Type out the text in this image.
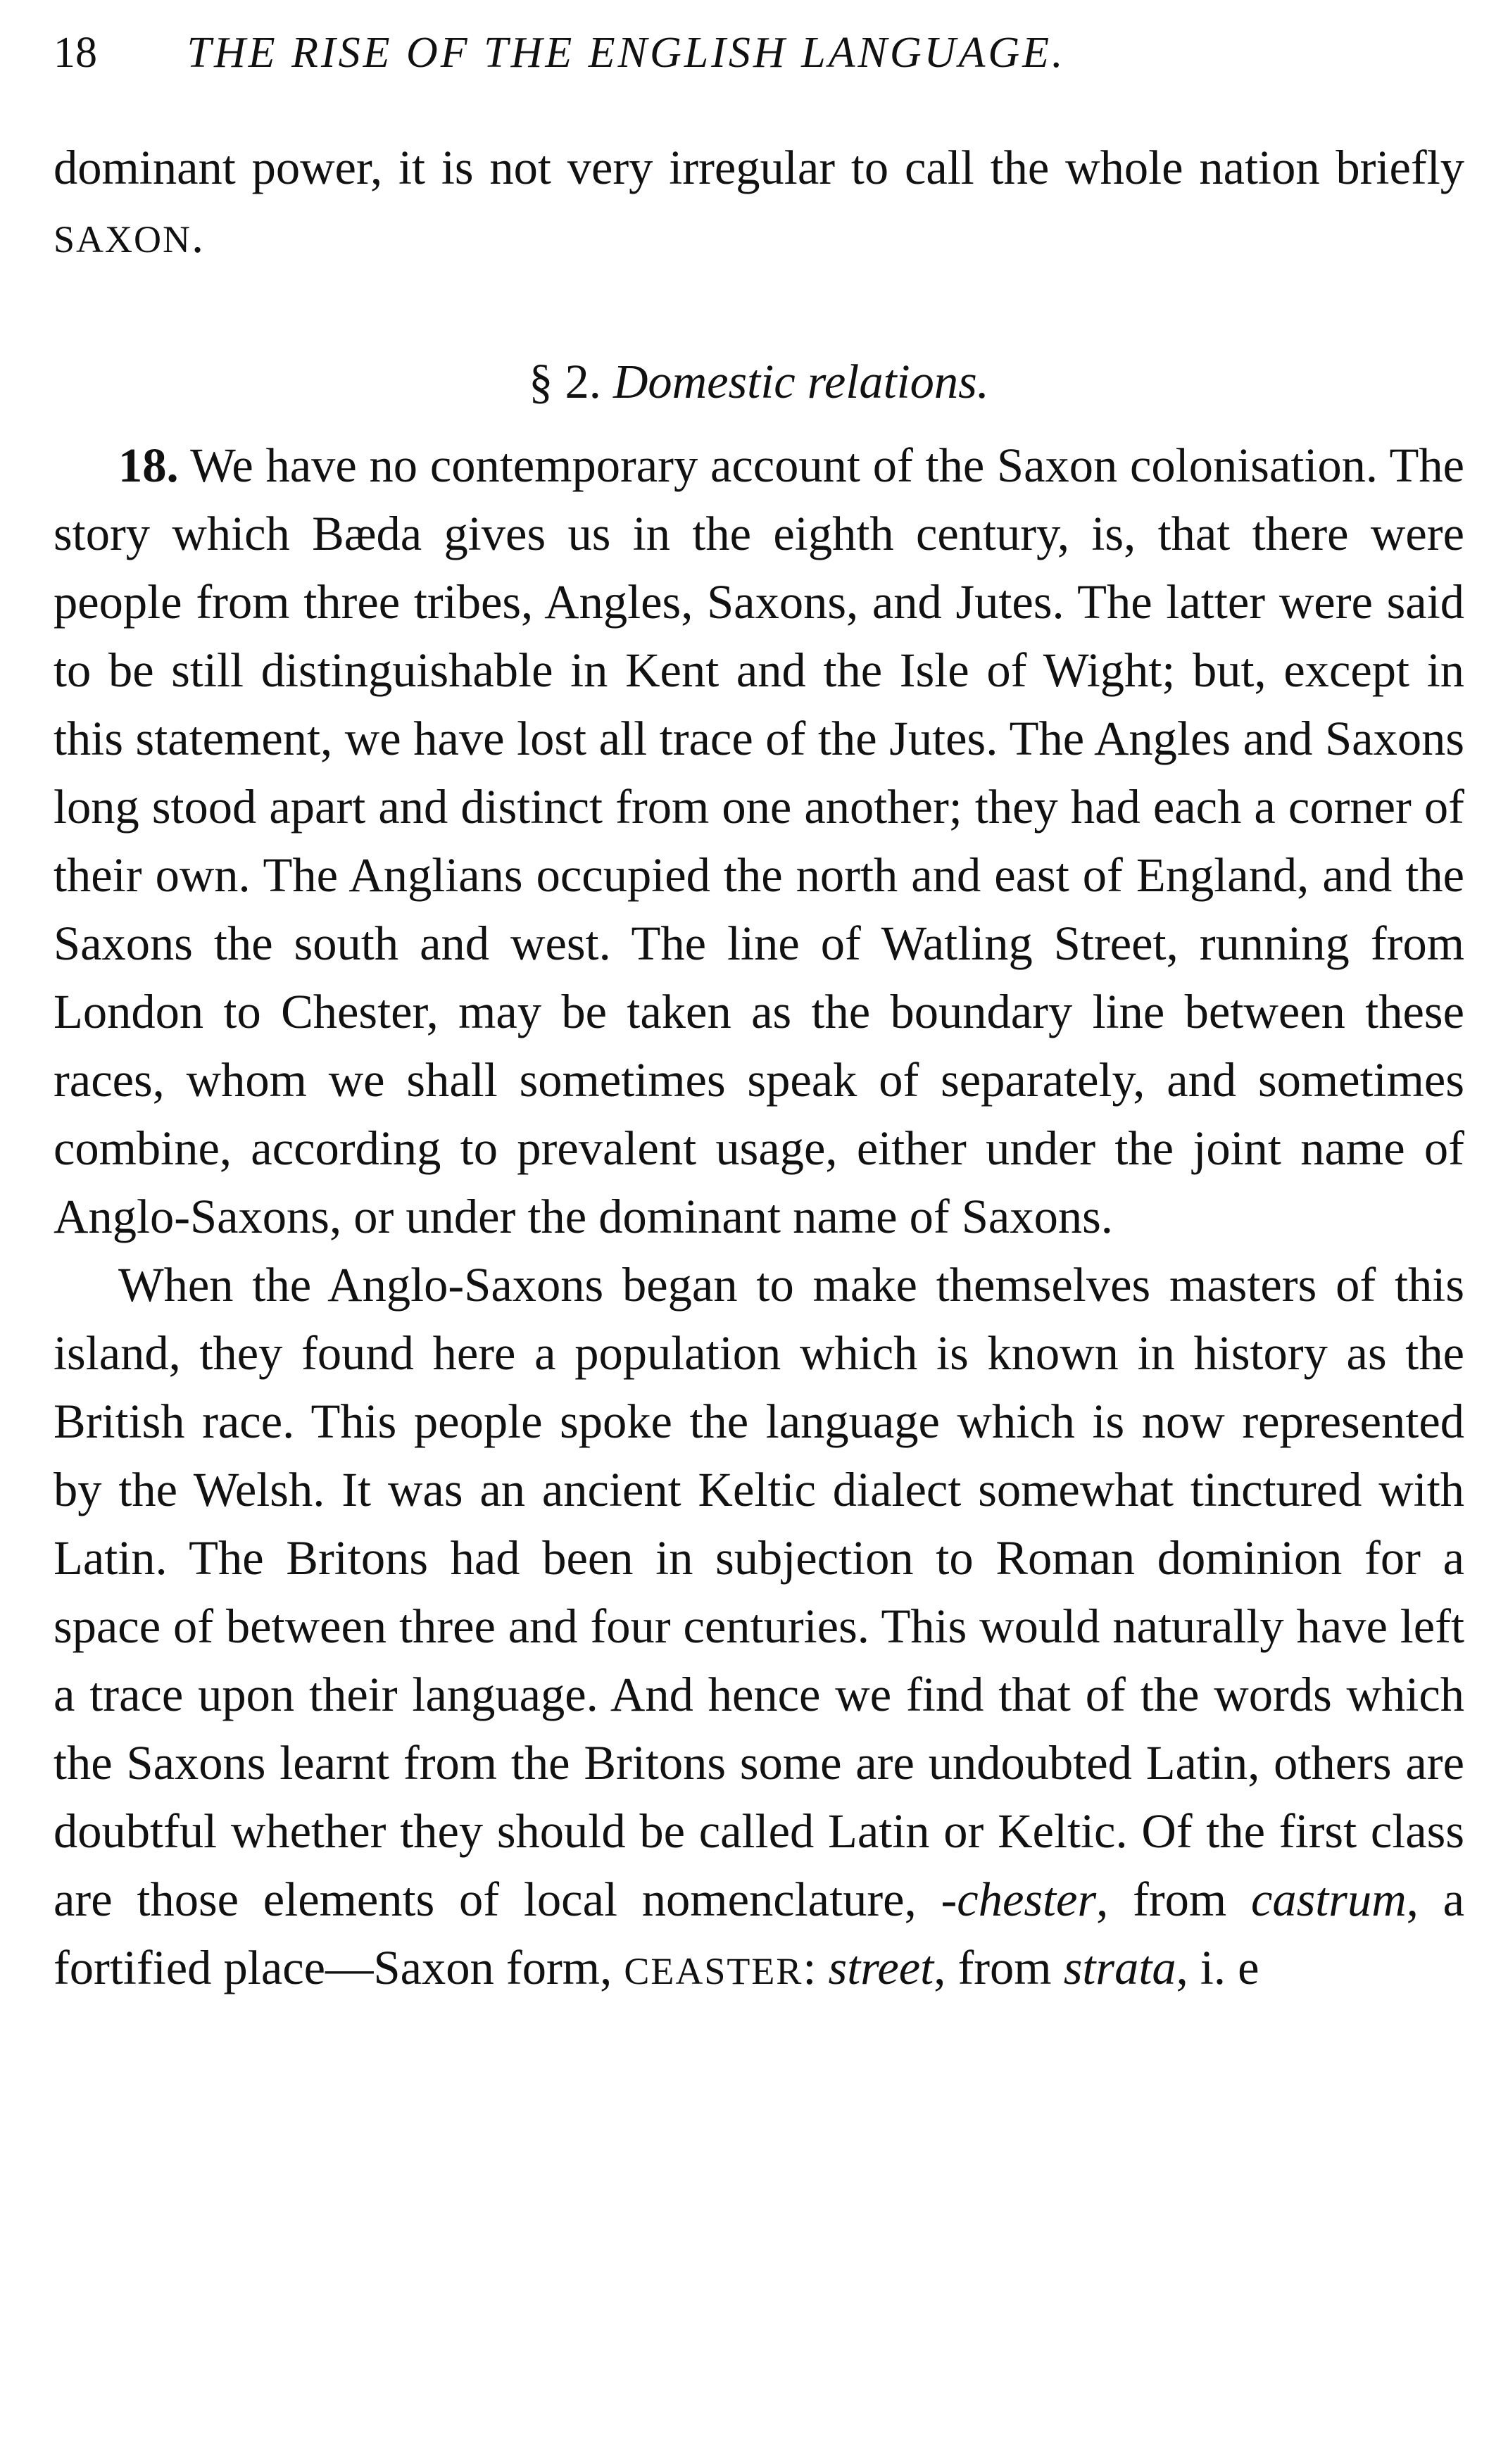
18 THE RISE OF THE ENGLISH LANGUAGE.

dominant power, it is not very irregular to call the whole nation briefly SAXON.

§ 2. Domestic relations.

18. We have no contemporary account of the Saxon colonisation. The story which Bæda gives us in the eighth century, is, that there were people from three tribes, Angles, Saxons, and Jutes. The latter were said to be still distinguishable in Kent and the Isle of Wight; but, except in this statement, we have lost all trace of the Jutes. The Angles and Saxons long stood apart and distinct from one another; they had each a corner of their own. The Anglians occupied the north and east of England, and the Saxons the south and west. The line of Watling Street, running from London to Chester, may be taken as the boundary line between these races, whom we shall sometimes speak of separately, and sometimes combine, according to prevalent usage, either under the joint name of Anglo-Saxons, or under the dominant name of Saxons.

When the Anglo-Saxons began to make themselves masters of this island, they found here a population which is known in history as the British race. This people spoke the language which is now represented by the Welsh. It was an ancient Keltic dialect somewhat tinctured with Latin. The Britons had been in subjection to Roman dominion for a space of between three and four centuries. This would naturally have left a trace upon their language. And hence we find that of the words which the Saxons learnt from the Britons some are undoubted Latin, others are doubtful whether they should be called Latin or Keltic. Of the first class are those elements of local nomenclature, -chester, from castrum, a fortified place—Saxon form, CEASTER: street, from strata, i. e
